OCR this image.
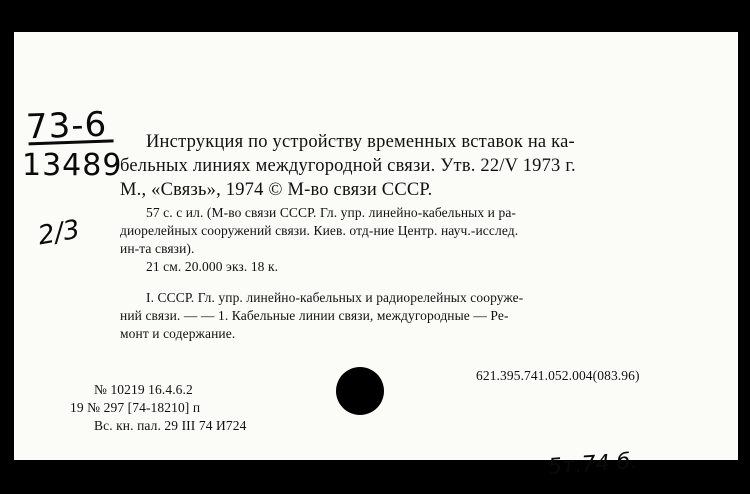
73-6
13489
2/3
Инструкция по устройству временных вставок на ка-
бельных линиях междугородной связи. Утв. 22/V 1973 г.
М., «Связь», 1974 © М-во связи СССР.
57 с. с ил. (М-во связи СССР. Гл. упр. линейно-кабельных и ра-
диорелейных сооружений связи. Киев. отд-ние Центр. науч.-исслед.
ин-та связи).
21 см. 20.000 экз. 18 к.
I. СССР. Гл. упр. линейно-кабельных и радиорелейных сооруже-
ний связи. — — 1. Кабельные линии связи, междугородные — Ре-
монт и содержание.
621.395.741.052.004(083.96)
№ 10219 16.4.6.2
19 № 297 [74-18210] п
Вс. кн. пал. 29 III 74 И724
5т.74 б.
